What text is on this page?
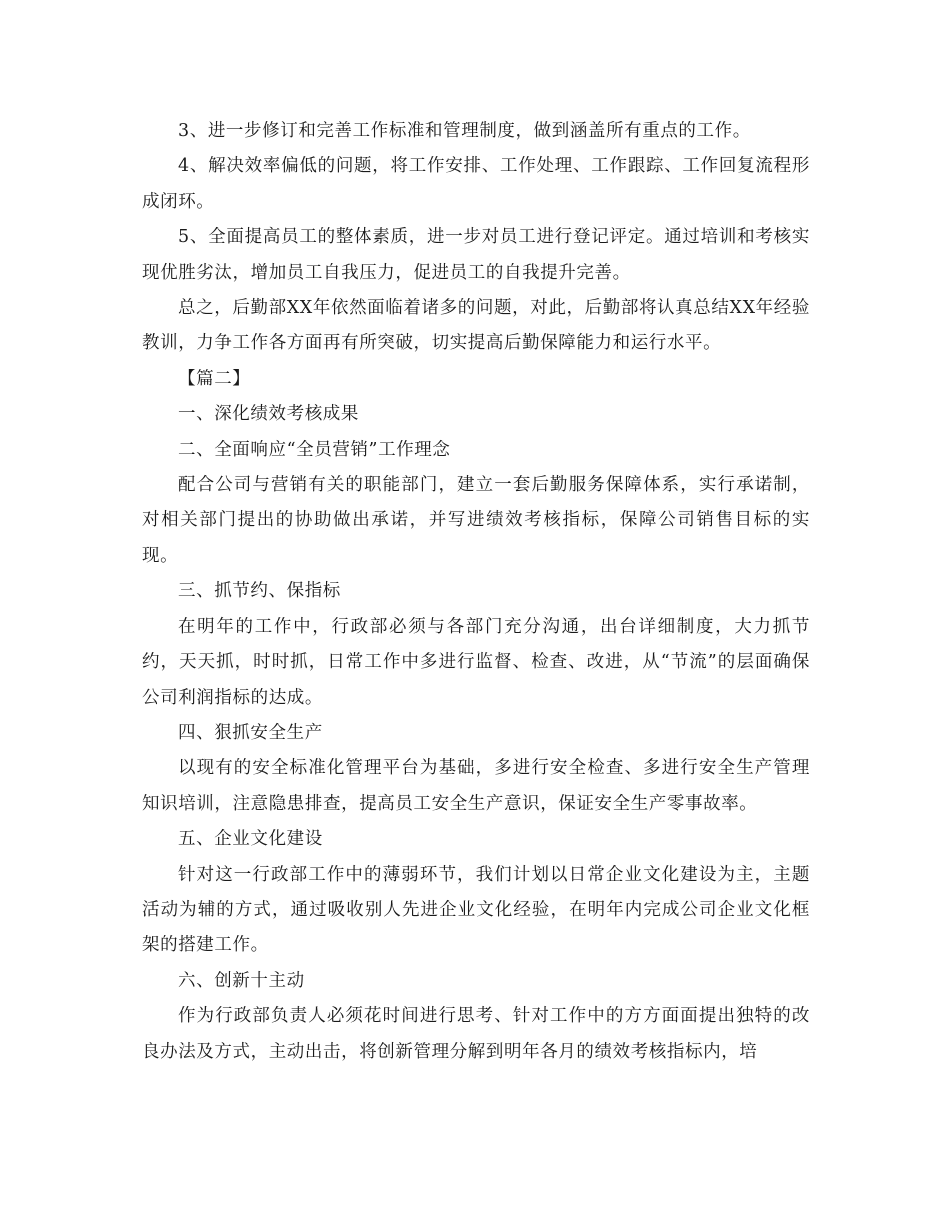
3、进一步修订和完善工作标准和管理制度，做到涵盖所有重点的工作。

4、解决效率偏低的问题，将工作安排、工作处理、工作跟踪、工作回复流程形成闭环。

5、全面提高员工的整体素质，进一步对员工进行登记评定。通过培训和考核实现优胜劣汰，增加员工自我压力，促进员工的自我提升完善。

总之，后勤部XX年依然面临着诸多的问题，对此，后勤部将认真总结XX年经验教训，力争工作各方面再有所突破，切实提高后勤保障能力和运行水平。

【篇二】

一、深化绩效考核成果

二、全面响应“全员营销”工作理念

配合公司与营销有关的职能部门，建立一套后勤服务保障体系，实行承诺制，对相关部门提出的协助做出承诺，并写进绩效考核指标，保障公司销售目标的实现。

三、抓节约、保指标

在明年的工作中，行政部必须与各部门充分沟通，出台详细制度，大力抓节约，天天抓，时时抓，日常工作中多进行监督、检查、改进，从“节流”的层面确保公司利润指标的达成。

四、狠抓安全生产

以现有的安全标准化管理平台为基础，多进行安全检查、多进行安全生产管理知识培训，注意隐患排查，提高员工安全生产意识，保证安全生产零事故率。

五、企业文化建设

针对这一行政部工作中的薄弱环节，我们计划以日常企业文化建设为主，主题活动为辅的方式，通过吸收别人先进企业文化经验，在明年内完成公司企业文化框架的搭建工作。

六、创新十主动

作为行政部负责人必须花时间进行思考、针对工作中的方方面面提出独特的改良办法及方式，主动出击，将创新管理分解到明年各月的绩效考核指标内，培
